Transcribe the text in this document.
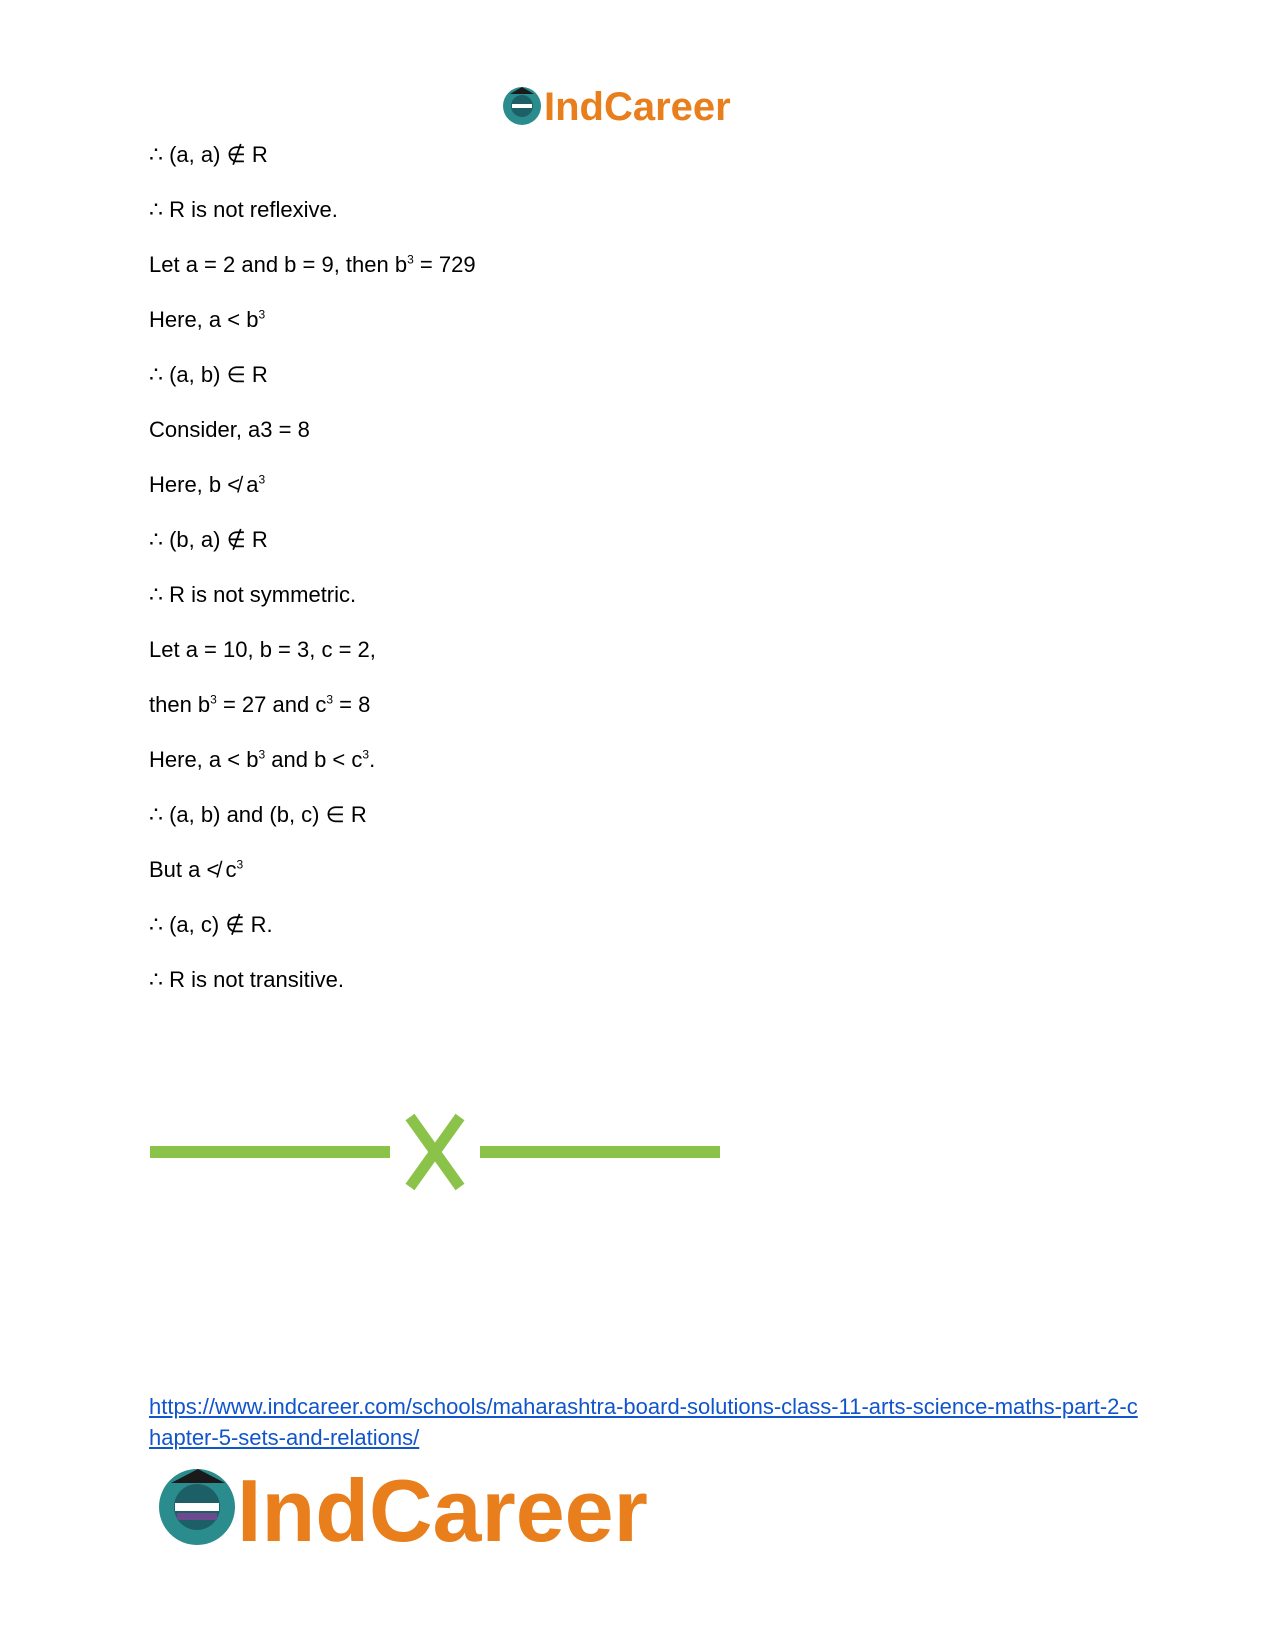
IndCareer
∴ (a, a) ∉ R
∴ R is not reflexive.
Let a = 2 and b = 9, then $b^3 = 729$
Here, $a < b^3$
∴ (a, b) ∈ R
Consider, a3 = 8
Here, b ≮ $a^3$
∴ (b, a) ∉ R
∴ R is not symmetric.
Let a = 10, b = 3, c = 2,
then $b^3 = 27$ and $c^3 = 8$
Here, $a < b^3$ and $b < c^3$.
∴ (a, b) and (b, c) ∈ R
But a ≮ $c^3$
∴ (a, c) ∉ R.
∴ R is not transitive.
https://www.indcareer.com/schools/maharashtra-board-solutions-class-11-arts-science-maths-part-2-chapter-5-sets-and-relations/
IndCareer
